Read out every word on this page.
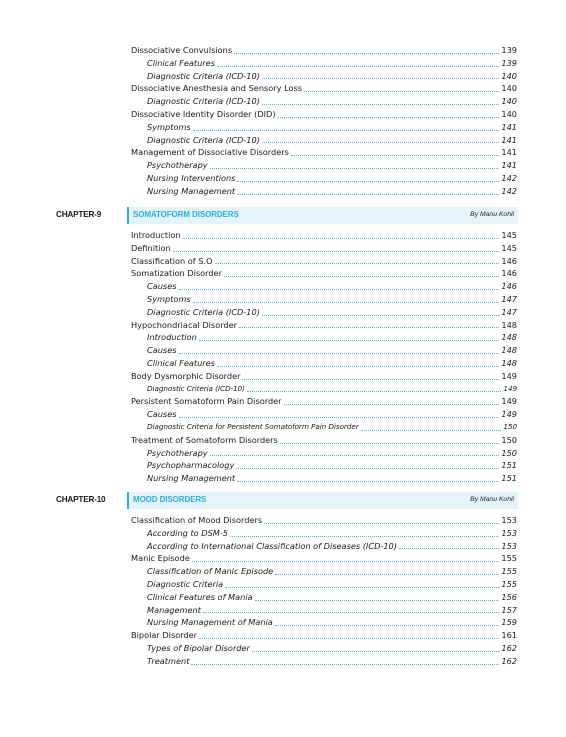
Dissociative Convulsions	139
Clinical Features	139
Diagnostic Criteria (ICD-10)	140
Dissociative Anesthesia and Sensory Loss	140
Diagnostic Criteria (ICD-10)	140
Dissociative Identity Disorder (DID)	140
Symptoms	141
Diagnostic Criteria (ICD-10)	141
Management of Dissociative Disorders	141
Psychotherapy	141
Nursing Interventions	142
Nursing Management	142
CHAPTER-9	SOMATOFORM DISORDERS	By Manu Kohli
Introduction	145
Definition	145
Classification of S.O	146
Somatization Disorder	146
Causes	146
Symptoms	147
Diagnostic Criteria (ICD-10)	147
Hypochondriacal Disorder	148
Introduction	148
Causes	148
Clinical Features	148
Body Dysmorphic Disorder	149
Diagnostic Criteria (ICD-10)	149
Persistent Somatoform Pain Disorder	149
Causes	149
Diagnostic Criteria for Persistent Somatoform Pain Disorder	150
Treatment of Somatoform Disorders	150
Psychotherapy	150
Psychopharmacology	151
Nursing Management	151
CHAPTER-10	MOOD DISORDERS	By Manu Kohli
Classification of Mood Disorders	153
According to DSM-5	153
According to International Classification of Diseases (ICD-10)	153
Manic Episode	155
Classification of Manic Episode	155
Diagnostic Criteria	155
Clinical Features of Mania	156
Management	157
Nursing Management of Mania	159
Bipolar Disorder	161
Types of Bipolar Disorder	162
Treatment	162
